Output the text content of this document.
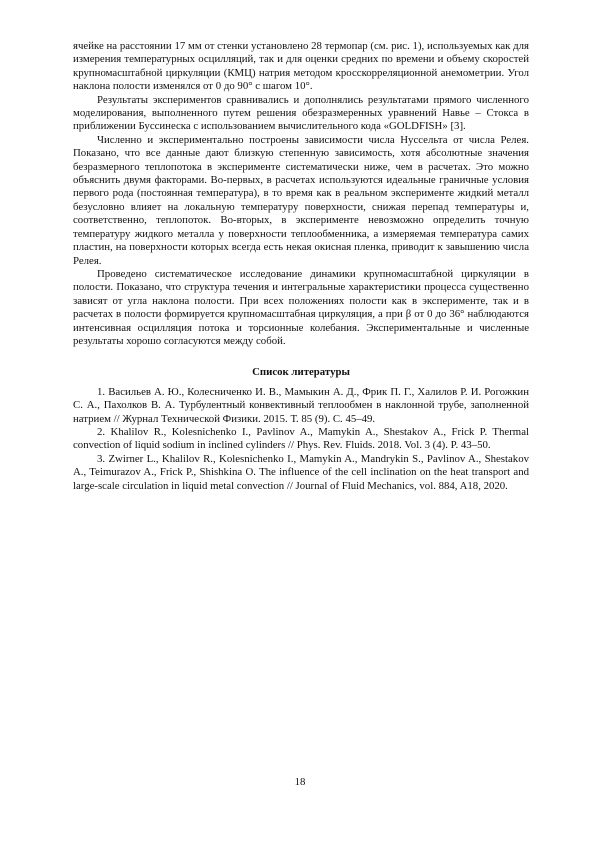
ячейке на расстоянии 17 мм от стенки установлено 28 термопар (см. рис. 1), используемых как для измерения температурных осцилляций, так и для оценки средних по времени и объему скоростей крупномасштабной циркуляции (КМЦ) натрия методом кросскорреляционной анемометрии. Угол наклона полости изменялся от 0 до 90° с шагом 10°.

Результаты экспериментов сравнивались и дополнялись результатами прямого численного моделирования, выполненного путем решения обезразмеренных уравнений Навье – Стокса в приближении Буссинеска с использованием вычислительного кода «GOLDFISH» [3].

Численно и экспериментально построены зависимости числа Нуссельта от числа Релея. Показано, что все данные дают близкую степенную зависимость, хотя абсолютные значения безразмерного теплопотока в эксперименте систематически ниже, чем в расчетах. Это можно объяснить двумя факторами. Во-первых, в расчетах используются идеальные граничные условия первого рода (постоянная температура), в то время как в реальном эксперименте жидкий металл безусловно влияет на локальную температуру поверхности, снижая перепад температуры и, соответственно, теплопоток. Во-вторых, в эксперименте невозможно определить точную температуру жидкого металла у поверхности теплообменника, а измеряемая температура самих пластин, на поверхности которых всегда есть некая окисная пленка, приводит к завышению числа Релея.

Проведено систематическое исследование динамики крупномасштабной циркуляции в полости. Показано, что структура течения и интегральные характеристики процесса существенно зависят от угла наклона полости. При всех положениях полости как в эксперименте, так и в расчетах в полости формируется крупномасштабная циркуляция, а при β от 0 до 36° наблюдаются интенсивная осцилляция потока и торсионные колебания. Экспериментальные и численные результаты хорошо согласуются между собой.

Список литературы

1. Васильев А. Ю., Колесниченко И. В., Мамыкин А. Д., Фрик П. Г., Халилов Р. И. Рогожкин С. А., Пахолков В. А. Турбулентный конвективный теплообмен в наклонной трубе, заполненной натрием // Журнал Технической Физики. 2015. Т. 85 (9). С. 45–49.

2. Khalilov R., Kolesnichenko I., Pavlinov A., Mamykin A., Shestakov A., Frick P. Thermal convection of liquid sodium in inclined cylinders // Phys. Rev. Fluids. 2018. Vol. 3 (4). P. 43–50.

3. Zwirner L., Khalilov R., Kolesnichenko I., Mamykin A., Mandrykin S., Pavlinov A., Shestakov A., Teimurazov A., Frick P., Shishkina O. The influence of the cell inclination on the heat transport and large-scale circulation in liquid metal convection // Journal of Fluid Mechanics, vol. 884, A18, 2020.

18
